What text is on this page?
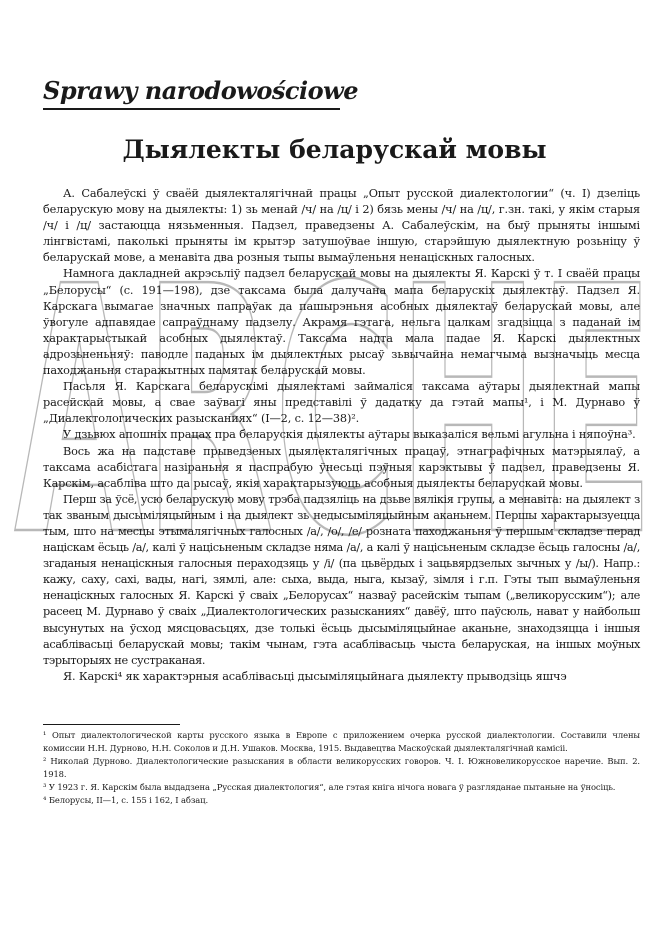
ARCHE
Sprawy narodowościowe
Дыялекты беларускай мовы

А. Сабалеўскі ў сваёй дыялекталягічнай працы „Опыт русской диалектологии“ (ч. І) дзеліць беларускую мову на дыялекты: 1) зь менай /ч/ на /ц/ і 2) бязь мены /ч/ на /ц/, г.зн. такі, у якім старыя /ч/ і /ц/ застаюцца нязьменныя. Падзел, праведзены А. Сабалеўскім, на быў прыняты іншымі лінгвістамі, паколькі прыняты ім крытэр затушоўвае іншую, старэйшую дыялектную розьніцу ў беларускай мове, а менавіта два розныя тыпы вымаўленьня ненаціскных галосных.

Намнога дакладней акрэсьліў падзел беларускай мовы на дыялекты Я. Карскі ў т. І сваёй працы „Белорусы“ (с. 191—198), дзе таксама была далучана мапа беларускіх дыялектаў. Падзел Я. Карскага вымагае значных папраўак да пашырэньня асобных дыялектаў беларускай мовы, але ўвогуле адпавядае сапраўднаму падзелу. Акрамя гэтага, нельга цалкам згадзіцца з паданай ім характарыстыкай асобных дыялектаў. Таксама надта мала падае Я. Карскі дыялектных адрозьненьняў: паводле паданых ім дыялектных рысаў зьвычайна немагчыма вызначыць месца паходжаньня старажытных памятак беларускай мовы.

Пасьля Я. Карскага беларускімі дыялектамі займаліся таксама аўтары дыялектнай мапы расейскай мовы, а свае заўвагі яны представілі ў дадатку да гэтай мапы¹, і М. Дурнаво ў „Диалектологических разысканиях“ (І—2, с. 12—38)².

У дзьвюх апошніх працах пра беларускія дыялекты аўтары выказаліся вельмі агульна і няпоўна³.

Вось жа на падставе прыведзеных дыялекталягічных працаў, этнаграфічных матэрыялаў, а таксама асабістага назіраньня я паспрабую ўнесьці пэўныя карэктывы ў падзел, праведзены Я. Карскім, асабліва што да рысаў, якія характарызуюць асобныя дыялекты беларускай мовы.

Перш за ўсё, усю беларускую мову трэба падзяліць на дзьве вялікія групы, а менавіта: на дыялект з так званым дысыміляцыйным і на дыялект зь недысыміляцыйным аканьнем. Першы характарызуецца тым, што на месцы этымалягічных галосных /а/, /о/, /е/ розната паходжаньня ў першым складзе перад націскам ёсьць /а/, калі ў націсьненым складзе няма /а/, а калі ў націсьненым складзе ёсьць галосны /а/, згаданыя ненаціскныя галосныя пераходзяць у /і/ (па цьвёрдых і зацьвярдзелых зычных у /ы/). Напр.: кажу, саху, сахі, вады, нагі, зямлі, але: сыха, выда, ныга, кызаў, зімля і г.п. Гэты тып вымаўленьня ненаціскных галосных Я. Карскі ў сваіх „Белорусах“ назваў расейскім тыпам („великорусским“); але расеец М. Дурнаво ў сваіх „Диалектологических разысканиях“ давёў, што паўсюль, нават у найбольш высунутых на ўсход мясцовасьцях, дзе толькі ёсьць дысыміляцыйнае аканьне, знаходзяцца і іншыя асаблівасьці беларускай мовы; такім чынам, гэта асаблівасьць чыста беларуская, на іншых моўных тэрыторыях не сустраканая.

Я. Карскі⁴ як характэрныя асаблівасьці дысыміляцыйнага дыялекту прыводзіць яшчэ

¹ Опыт диалектологической карты русского языка в Европе с приложением очерка русской диалектологии. Составили члены комиссии Н.Н. Дурново, Н.Н. Соколов и Д.Н. Ушаков. Москва, 1915. Выдавецтва Маскоўскай дыялекталягічнай камісіі.

² Николай Дурново. Диалектологические разыскания в области великорусских говоров. Ч. І. Южновеликорусское наречие. Вып. 2. 1918.

³ У 1923 г. Я. Карскім была выдадзена „Русская диалектология“, але гэтая кніга нічога новага ў разгляданае пытаньне на ўносіць.

⁴ Белорусы, ІІ—1, с. 155 і 162, І абзац.
